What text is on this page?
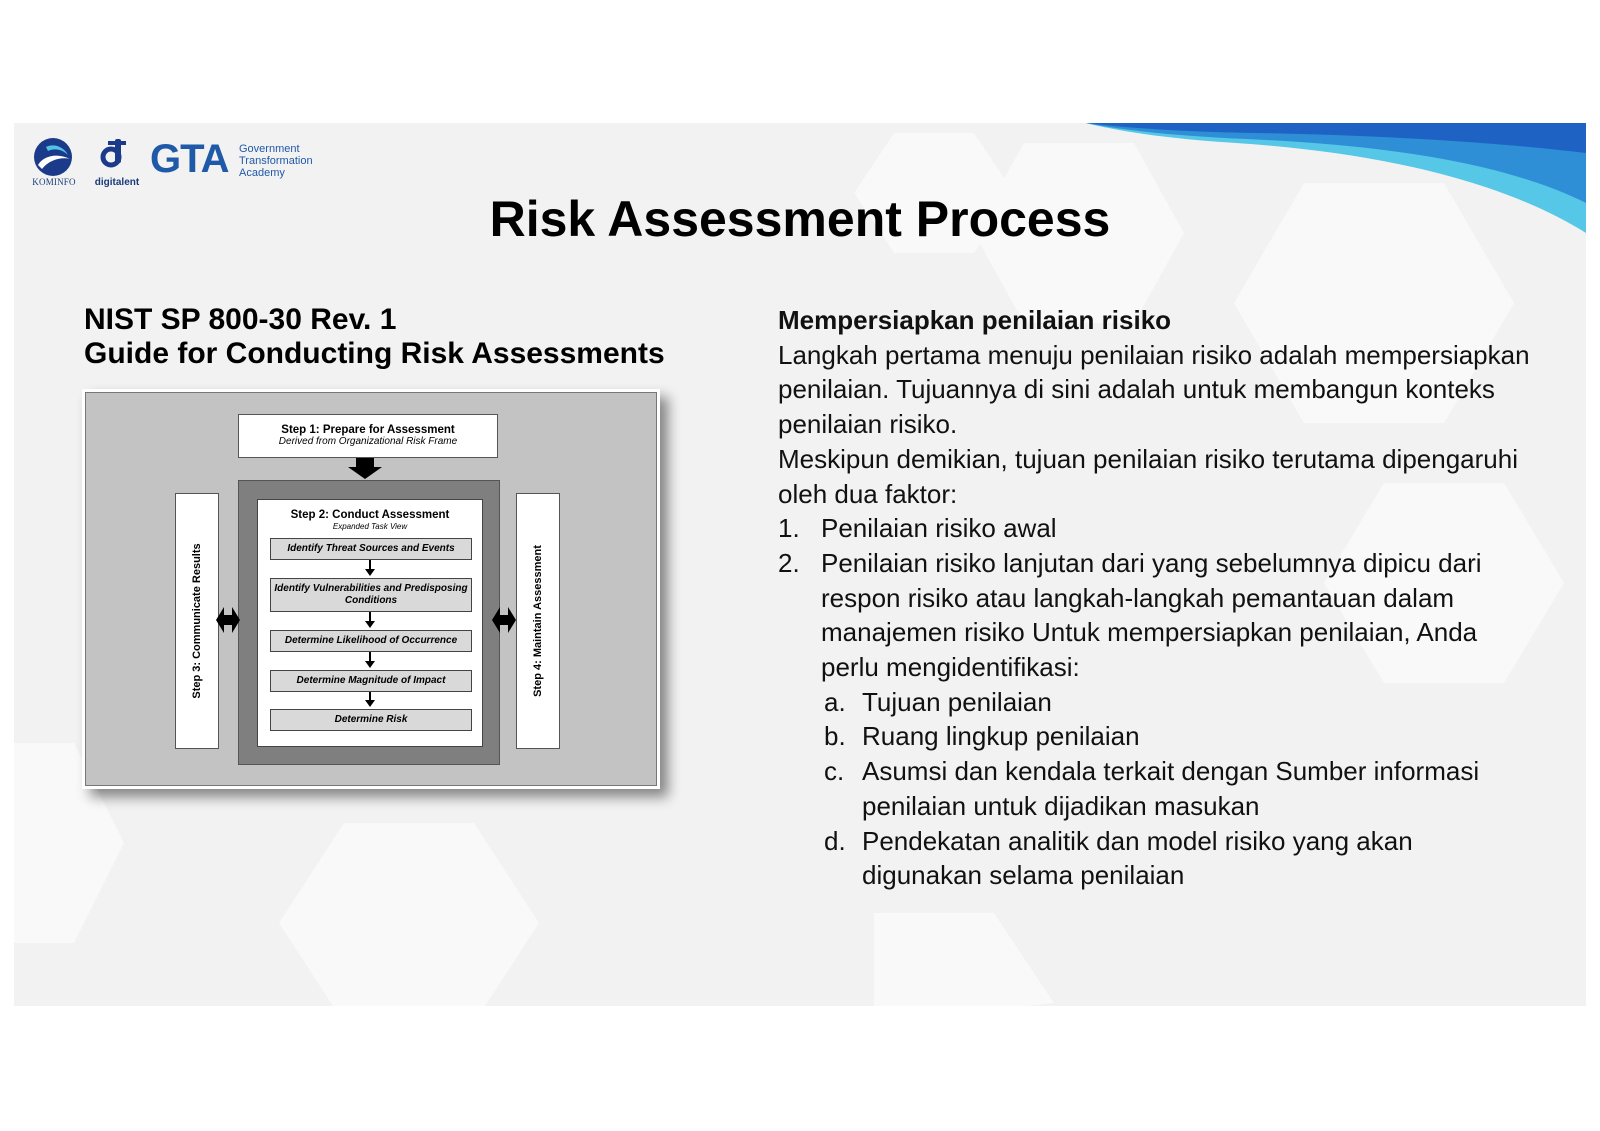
KOMINFO	digitalent
GTA Government
Transformation
Academy
Risk Assessment Process
NIST SP 800-30 Rev. 1
Guide for Conducting Risk Assessments
Step 1: Prepare for Assessment
Derived from Organizational Risk Frame
Step 2: Conduct Assessment
Expanded Task View
Identify Threat Sources and Events
Identify Vulnerabilities and Predisposing Conditions
Determine Likelihood of Occurrence
Determine Magnitude of Impact
Determine Risk
Step 3: Communicate Results	Step 4: Maintain Assessment

Mempersiapkan penilaian risiko

Langkah pertama menuju penilaian risiko adalah mempersiapkan penilaian. Tujuannya di sini adalah untuk membangun konteks penilaian risiko.

Meskipun demikian, tujuan penilaian risiko terutama dipengaruhi oleh dua faktor:

1. Penilaian risiko awal
2. Penilaian risiko lanjutan dari yang sebelumnya dipicu dari respon risiko atau langkah-langkah pemantauan dalam manajemen risiko Untuk mempersiapkan penilaian, Anda perlu mengidentifikasi:
a. Tujuan penilaian
b. Ruang lingkup penilaian
c. Asumsi dan kendala terkait dengan Sumber informasi penilaian untuk dijadikan masukan
d. Pendekatan analitik dan model risiko yang akan digunakan selama penilaian
